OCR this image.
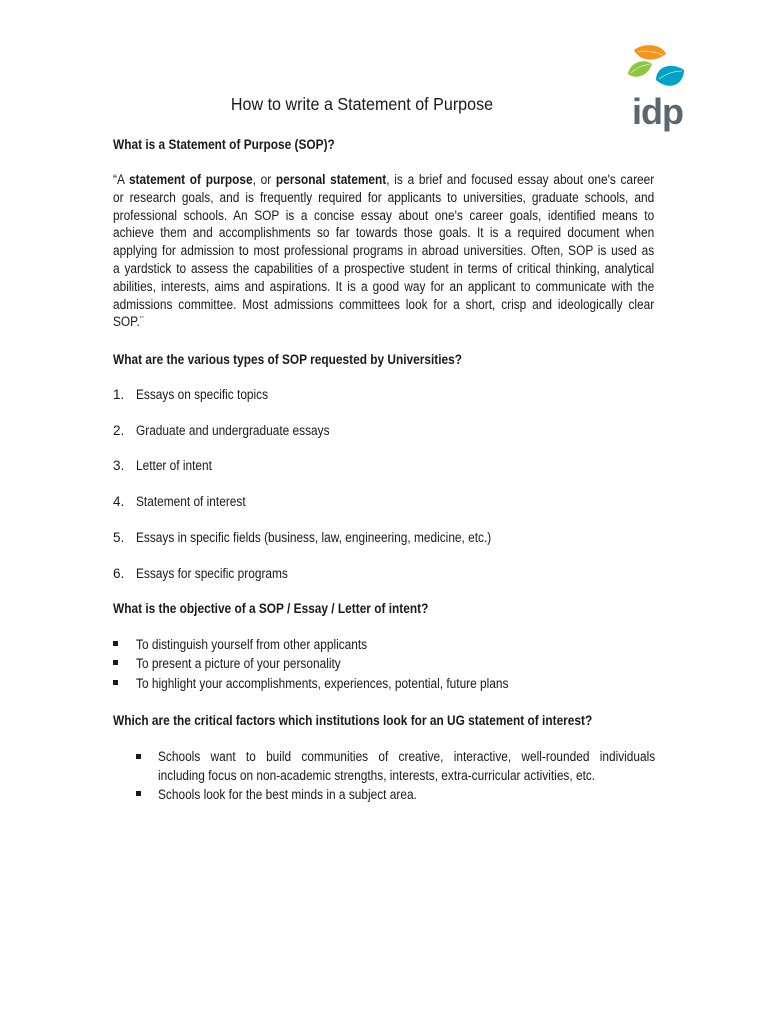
idp
How to write a Statement of Purpose
What is a Statement of Purpose (SOP)?
“A statement of purpose, or personal statement, is a brief and focused essay about one's career
or research goals, and is frequently required for applicants to universities, graduate schools, and
professional schools. An SOP is a concise essay about one's career goals, identified means to
achieve them and accomplishments so far towards those goals. It is a required document when
applying for admission to most professional programs in abroad universities. Often, SOP is used as
a yardstick to assess the capabilities of a prospective student in terms of critical thinking, analytical
abilities, interests, aims and aspirations. It is a good way for an applicant to communicate with the
admissions committee. Most admissions committees look for a short, crisp and ideologically clear
SOP.¨
What are the various types of SOP requested by Universities?
1. Essays on specific topics
2. Graduate and undergraduate essays
3. Letter of intent
4. Statement of interest
5. Essays in specific fields (business, law, engineering, medicine, etc.)
6. Essays for specific programs
What is the objective of a SOP / Essay / Letter of intent?
To distinguish yourself from other applicants
To present a picture of your personality
To highlight your accomplishments, experiences, potential, future plans
Which are the critical factors which institutions look for an UG statement of interest?
Schools want to build communities of creative, interactive, well-rounded individuals
including focus on non-academic strengths, interests, extra-curricular activities, etc.
Schools look for the best minds in a subject area.
